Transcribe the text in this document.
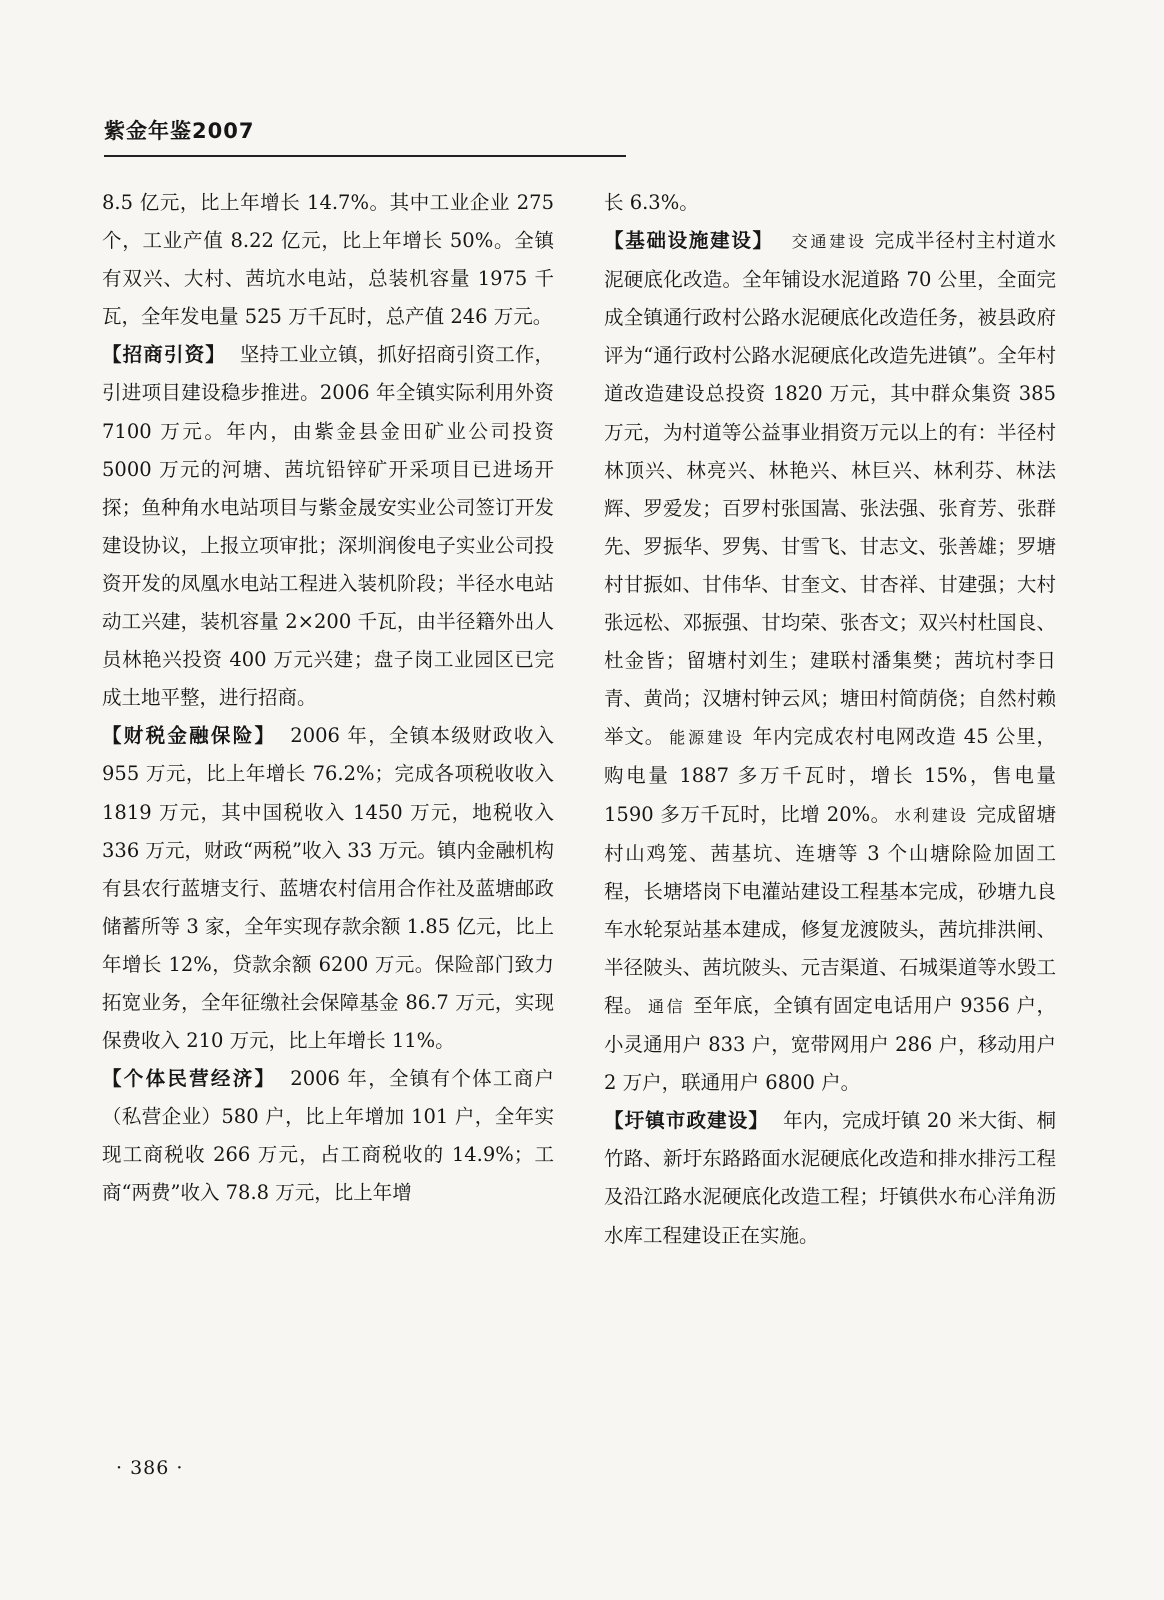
紫金年鉴2007

8.5 亿元，比上年增长 14.7%。其中工业企业 275 个，工业产值 8.22 亿元，比上年增长 50%。全镇有双兴、大村、茜坑水电站，总装机容量 1975 千瓦，全年发电量 525 万千瓦时，总产值 246 万元。

【招商引资】 坚持工业立镇，抓好招商引资工作，引进项目建设稳步推进。2006 年全镇实际利用外资 7100 万元。年内，由紫金县金田矿业公司投资 5000 万元的河塘、茜坑铅锌矿开采项目已进场开探；鱼种角水电站项目与紫金晟安实业公司签订开发建设协议，上报立项审批；深圳润俊电子实业公司投资开发的凤凰水电站工程进入装机阶段；半径水电站动工兴建，装机容量 2×200 千瓦，由半径籍外出人员林艳兴投资 400 万元兴建；盘子岗工业园区已完成土地平整，进行招商。

【财税金融保险】 2006 年，全镇本级财政收入 955 万元，比上年增长 76.2%；完成各项税收收入 1819 万元，其中国税收入 1450 万元，地税收入 336 万元，财政“两税”收入 33 万元。镇内金融机构有县农行蓝塘支行、蓝塘农村信用合作社及蓝塘邮政储蓄所等 3 家，全年实现存款余额 1.85 亿元，比上年增长 12%，贷款余额 6200 万元。保险部门致力拓宽业务，全年征缴社会保障基金 86.7 万元，实现保费收入 210 万元，比上年增长 11%。

【个体民营经济】 2006 年，全镇有个体工商户（私营企业）580 户，比上年增加 101 户，全年实现工商税收 266 万元，占工商税收的 14.9%；工商“两费”收入 78.8 万元，比上年增

长 6.3%。

【基础设施建设】 交通建设 完成半径村主村道水泥硬底化改造。全年铺设水泥道路 70 公里，全面完成全镇通行政村公路水泥硬底化改造任务，被县政府评为“通行政村公路水泥硬底化改造先进镇”。全年村道改造建设总投资 1820 万元，其中群众集资 385 万元，为村道等公益事业捐资万元以上的有：半径村林顶兴、林亮兴、林艳兴、林巨兴、林利芬、林法辉、罗爱发；百罗村张国嵩、张法强、张育芳、张群先、罗振华、罗隽、甘雪飞、甘志文、张善雄；罗塘村甘振如、甘伟华、甘奎文、甘杏祥、甘建强；大村张远松、邓振强、甘均荣、张杏文；双兴村杜国良、杜金皆；留塘村刘生；建联村潘集樊；茜坑村李日青、黄尚；汉塘村钟云风；塘田村简荫侥；自然村赖举文。 能源建设 年内完成农村电网改造 45 公里，购电量 1887 多万千瓦时，增长 15%，售电量 1590 多万千瓦时，比增 20%。 水利建设 完成留塘村山鸡笼、茜基坑、连塘等 3 个山塘除险加固工程，长塘塔岗下电灌站建设工程基本完成，砂塘九良车水轮泵站基本建成，修复龙渡陂头，茜坑排洪闸、半径陂头、茜坑陂头、元吉渠道、石城渠道等水毁工程。 通信 至年底，全镇有固定电话用户 9356 户，小灵通用户 833 户，宽带网用户 286 户，移动用户 2 万户，联通用户 6800 户。

【圩镇市政建设】 年内，完成圩镇 20 米大街、桐竹路、新圩东路路面水泥硬底化改造和排水排污工程及沿江路水泥硬底化改造工程；圩镇供水布心洋角沥水库工程建设正在实施。

· 386 ·
